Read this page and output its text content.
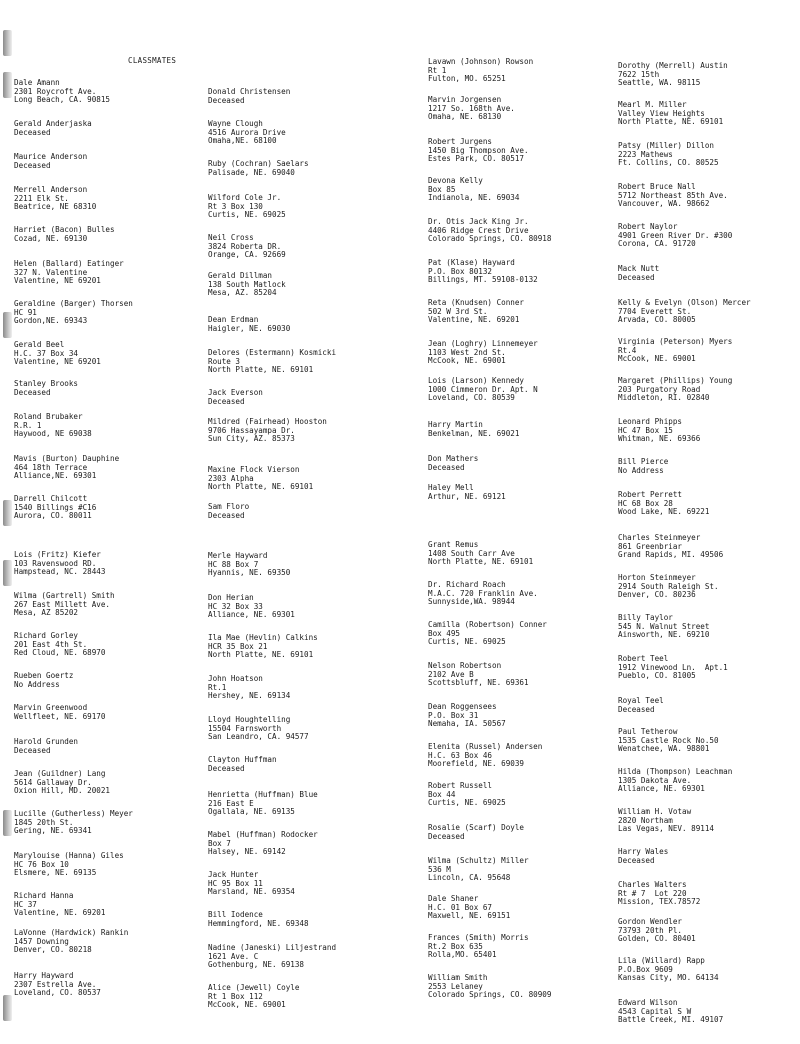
CLASSMATES
Dale Amann
2301 Roycroft Ave.
Long Beach, CA. 90815
Gerald Anderjaska
Deceased
Maurice Anderson
Deceased
Merrell Anderson
2211 Elk St.
Beatrice, NE 68310
Harriet (Bacon) Bulles
Cozad, NE. 69130
Helen (Ballard) Eatinger
327 N. Valentine
Valentine, NE 69201
Geraldine (Barger) Thorsen
HC 91
Gordon,NE. 69343
Gerald Beel
H.C. 37 Box 34
Valentine, NE 69201
Stanley Brooks
Deceased
Roland Brubaker
R.R. 1
Haywood, NE 69038
Mavis (Burton) Dauphine
464 18th Terrace
Alliance,NE. 69301
Darrell Chilcott
1540 Billings #C16
Aurora, CO. 80011
Lois (Fritz) Kiefer
103 Ravenswood RD.
Hampstead, NC. 28443
Wilma (Gartrell) Smith
267 East Millett Ave.
Mesa, AZ 85202
Richard Gorley
201 East 4th St.
Red Cloud, NE. 68970
Rueben Goertz
No Address
Marvin Greenwood
Wellfleet, NE. 69170
Harold Grunden
Deceased
Jean (Guildner) Lang
5614 Gallaway Dr.
Oxion Hill, MD. 20021
Lucille (Gutherless) Meyer
1845 20th St.
Gering, NE. 69341
Marylouise (Hanna) Giles
HC 76 Box 10
Elsmere, NE. 69135
Richard Hanna
HC 37
Valentine, NE. 69201
LaVonne (Hardwick) Rankin
1457 Downing
Denver, CO. 80218
Harry Hayward
2307 Estrella Ave.
Loveland, CO. 80537
Donald Christensen
Deceased
Wayne Clough
4516 Aurora Drive
Omaha,NE. 68100
Ruby (Cochran) Saelars
Palisade, NE. 69040
Wilford Cole Jr.
Rt 3 Box 130
Curtis, NE. 69025
Neil Cross
3824 Roberta DR.
Orange, CA. 92669
Gerald Dillman
138 South Matlock
Mesa, AZ. 85204
Dean Erdman
Haigler, NE. 69030
Delores (Estermann) Kosmicki
Route 3
North Platte, NE. 69101
Jack Everson
Deceased
Mildred (Fairhead) Hooston
9706 Hassayampa Dr.
Sun City, AZ. 85373
Maxine Flock Vierson
2303 Alpha
North Platte, NE. 69101
Sam Floro
Deceased
Merle Hayward
HC 88 Box 7
Hyannis, NE. 69350
Don Herian
HC 32 Box 33
Alliance, NE. 69301
Ila Mae (Hevlin) Calkins
HCR 35 Box 21
North Platte, NE. 69101
John Hoatson
Rt.1
Hershey, NE. 69134
Lloyd Houghtelling
15504 Farnsworth
San Leandro, CA. 94577
Clayton Huffman
Deceased
Henrietta (Huffman) Blue
216 East E
Ogallala, NE. 69135
Mabel (Huffman) Rodocker
Box 7
Halsey, NE. 69142
Jack Hunter
HC 95 Box 11
Marsland, NE. 69354
Bill Iodence
Hemmingford, NE. 69348
Nadine (Janeski) Liljestrand
1621 Ave. C
Gothenburg, NE. 69138
Alice (Jewell) Coyle
Rt 1 Box 112
McCook, NE. 69001
Lavawn (Johnson) Rowson
Rt 1
Fulton, MO. 65251
Marvin Jorgensen
1217 So. 168th Ave.
Omaha, NE. 68130
Robert Jurgens
1450 Big Thompson Ave.
Estes Park, CO. 80517
Devona Kelly
Box 85
Indianola, NE. 69034
Dr. Otis Jack King Jr.
4406 Ridge Crest Drive
Colorado Springs, CO. 80918
Pat (Klase) Hayward
P.O. Box 80132
Billings, MT. 59108-0132
Reta (Knudsen) Conner
502 W 3rd St.
Valentine, NE. 69201
Jean (Loghry) Linnemeyer
1103 West 2nd St.
McCook, NE. 69001
Lois (Larson) Kennedy
1000 Cimmeron Dr. Apt. N
Loveland, CO. 80539
Harry Martin
Benkelman, NE. 69021
Don Mathers
Deceased
Haley Mell
Arthur, NE. 69121
Grant Remus
1408 South Carr Ave
North Platte, NE. 69101
Dr. Richard Roach
M.A.C. 720 Franklin Ave.
Sunnyside,WA. 98944
Camilla (Robertson) Conner
Box 495
Curtis, NE. 69025
Nelson Robertson
2102 Ave B
Scottsbluff, NE. 69361
Dean Roggensees
P.O. Box 31
Nemaha, IA. 50567
Elenita (Russel) Andersen
H.C. 63 Box 46
Moorefield, NE. 69039
Robert Russell
Box 44
Curtis, NE. 69025
Rosalie (Scarf) Doyle
Deceased
Wilma (Schultz) Miller
536 M
Lincoln, CA. 95648
Dale Shaner
H.C. 01 Box 67
Maxwell, NE. 69151
Frances (Smith) Morris
Rt.2 Box 635
Rolla,MO. 65401
William Smith
2553 Lelaney
Colorado Springs, CO. 80909
Dorothy (Merrell) Austin
7622 15th
Seattle, WA. 98115
Mearl M. Miller
Valley View Heights
North Platte, NE. 69101
Patsy (Miller) Dillon
2223 Mathews
Ft. Collins, CO. 80525
Robert Bruce Nall
5712 Northeast 85th Ave.
Vancouver, WA. 98662
Robert Naylor
4901 Green River Dr. #300
Corona, CA. 91720
Mack Nutt
Deceased
Kelly & Evelyn (Olson) Mercer
7704 Everett St.
Arvada, CO. 80005
Virginia (Peterson) Myers
Rt.4
McCook, NE. 69001
Margaret (Phillips) Young
203 Purgatory Road
Middleton, RI. 02840
Leonard Phipps
HC 47 Box 15
Whitman, NE. 69366
Bill Pierce
No Address
Robert Perrett
HC 68 Box 28
Wood Lake, NE. 69221
Charles Steinmeyer
861 Greenbriar
Grand Rapids, MI. 49506
Horton Steinmeyer
2914 South Raleigh St.
Denver, CO. 80236
Billy Taylor
545 N. Walnut Street
Ainsworth, NE. 69210
Robert Teel
1912 Vinewood Ln.  Apt.1
Pueblo, CO. 81005
Royal Teel
Deceased
Paul Tetherow
1535 Castle Rock No.50
Wenatchee, WA. 98801
Hilda (Thompson) Leachman
1305 Dakota Ave.
Alliance, NE. 69301
William H. Votaw
2820 Northam
Las Vegas, NEV. 89114
Harry Wales
Deceased
Charles Walters
Rt # 7  Lot 220
Mission, TEX.78572
Gordon Wendler
73793 20th Pl.
Golden, CO. 80401
Lila (Willard) Rapp
P.O.Box 9609
Kansas City, MO. 64134
Edward Wilson
4543 Capital S W
Battle Creek, MI. 49107
